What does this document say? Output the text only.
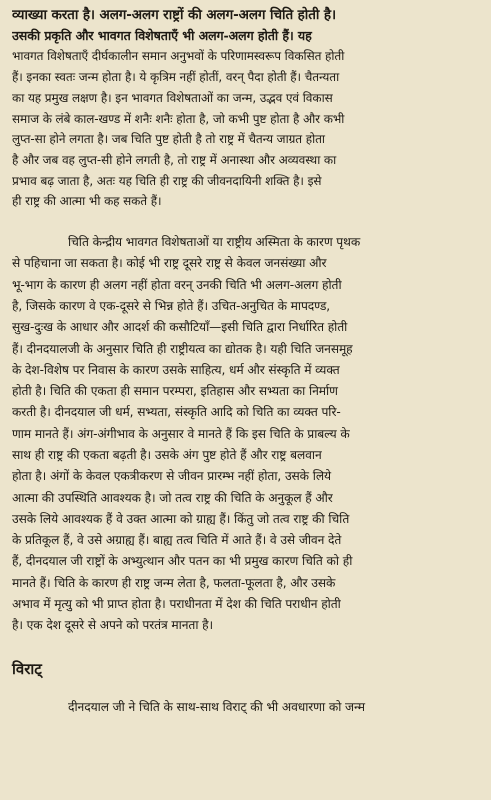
व्याख्या करता है। अलग-अलग राष्ट्रों की अलग-अलग चिति होती है।

उसकी प्रकृति और भावगत विशेषताएँ भी अलग-अलग होती हैं। यह

भावगत विशेषताएँ दीर्घकालीन समान अनुभवों के परिणामस्वरूप विकसित होती

हैं। इनका स्वतः जन्म होता है। ये कृत्रिम नहीं होतीं, वरन् पैदा होती हैं। चैतन्यता

का यह प्रमुख लक्षण है। इन भावगत विशेषताओं का जन्म, उद्भव एवं विकास

समाज के लंबे काल-खण्ड में शनैः शनैः होता है, जो कभी पुष्ट होता है और कभी

लुप्त-सा होने लगता है। जब चिति पुष्ट होती है तो राष्ट्र में चैतन्य जाग्रत होता

है और जब वह लुप्त-सी होने लगती है, तो राष्ट्र में अनास्था और अव्यवस्था का

प्रभाव बढ़ जाता है, अतः यह चिति ही राष्ट्र की जीवनदायिनी शक्ति है। इसे

ही राष्ट्र की आत्मा भी कह सकते हैं।

चिति केन्द्रीय भावगत विशेषताओं या राष्ट्रीय अस्मिता के कारण पृथक

से पहिचाना जा सकता है। कोई भी राष्ट्र दूसरे राष्ट्र से केवल जनसंख्या और

भू-भाग के कारण ही अलग नहीं होता वरन् उनकी चिति भी अलग-अलग होती

है, जिसके कारण वे एक-दूसरे से भिन्न होते हैं। उचित-अनुचित के मापदण्ड,

सुख-दुःख के आधार और आदर्श की कसौटियाँ—इसी चिति द्वारा निर्धारित होती

हैं। दीनदयालजी के अनुसार चिति ही राष्ट्रीयत्व का द्योतक है। यही चिति जनसमूह

के देश-विशेष पर निवास के कारण उसके साहित्य, धर्म और संस्कृति में व्यक्त

होती है। चिति की एकता ही समान परम्परा, इतिहास और सभ्यता का निर्माण

करती है। दीनदयाल जी धर्म, सभ्यता, संस्कृति आदि को चिति का व्यक्त परि-

णाम मानते हैं। अंग-अंगीभाव के अनुसार वे मानते हैं कि इस चिति के प्राबल्य के

साथ ही राष्ट्र की एकता बढ़ती है। उसके अंग पुष्ट होते हैं और राष्ट्र बलवान

होता है। अंगों के केवल एकत्रीकरण से जीवन प्रारम्भ नहीं होता, उसके लिये

आत्मा की उपस्थिति आवश्यक है। जो तत्व राष्ट्र की चिति के अनुकूल हैं और

उसके लिये आवश्यक हैं वे उक्त आत्मा को ग्राह्य हैं। किंतु जो तत्व राष्ट्र की चिति

के प्रतिकूल हैं, वे उसे अग्राह्य हैं। बाह्य तत्व चिति में आते हैं। वे उसे जीवन देते

हैं, दीनदयाल जी राष्ट्रों के अभ्युत्थान और पतन का भी प्रमुख कारण चिति को ही

मानते हैं। चिति के कारण ही राष्ट्र जन्म लेता है, फलता-फूलता है, और उसके

अभाव में मृत्यु को भी प्राप्त होता है। पराधीनता में देश की चिति पराधीन होती

है। एक देश दूसरे से अपने को परतंत्र मानता है।

विराट्

दीनदयाल जी ने चिति के साथ-साथ विराट् की भी अवधारणा को जन्म
